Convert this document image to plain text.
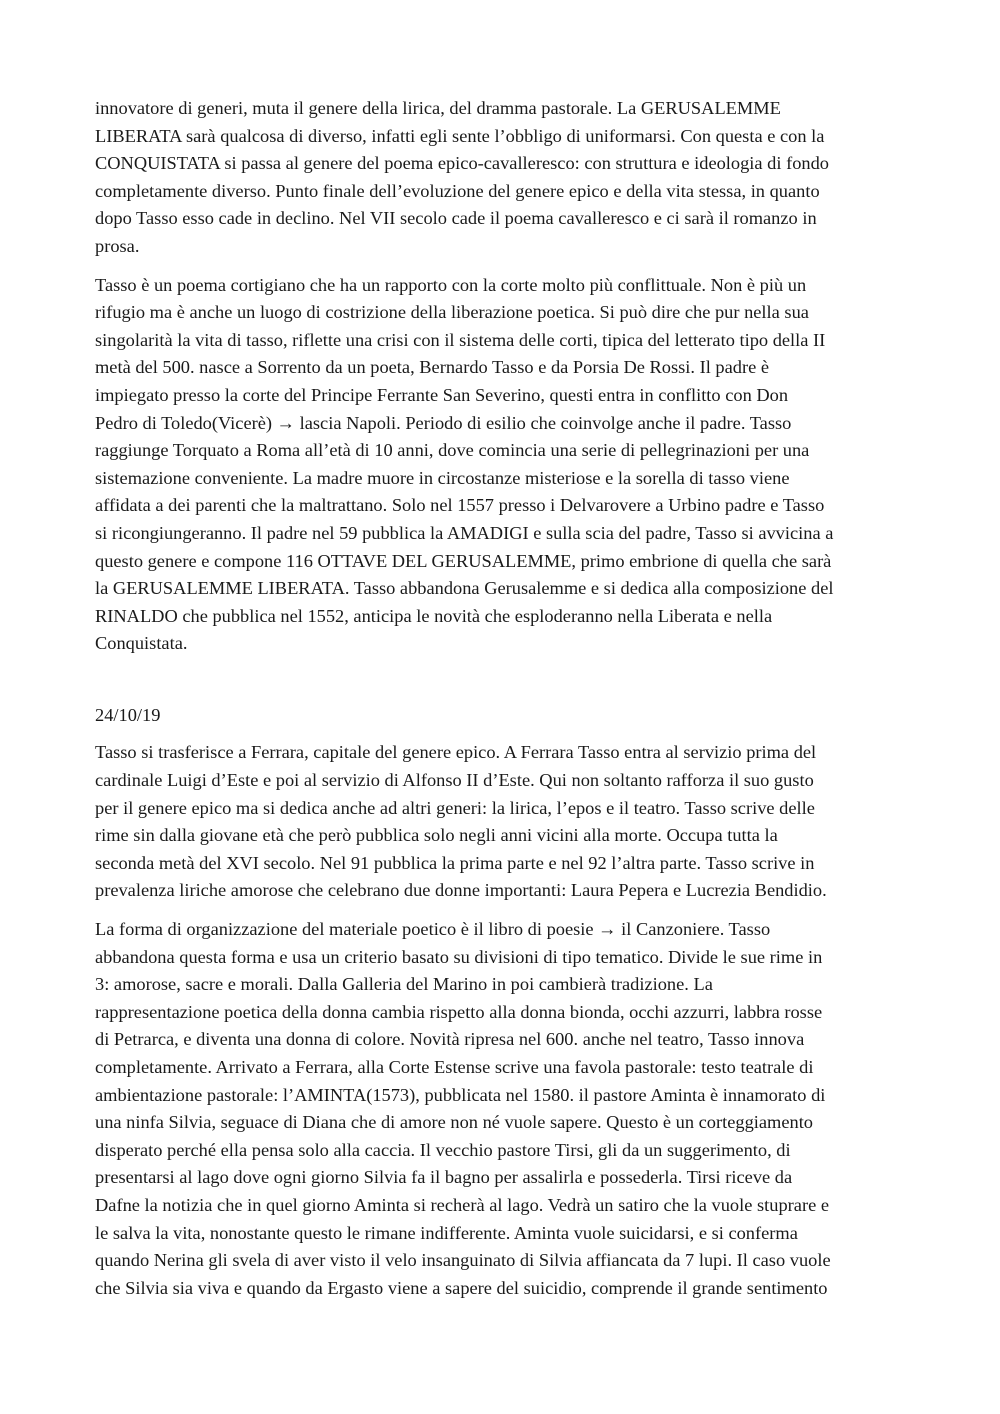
innovatore di generi, muta il genere della lirica, del dramma pastorale. La GERUSALEMME
LIBERATA sarà qualcosa di diverso, infatti egli sente l’obbligo di uniformarsi. Con questa e con la
CONQUISTATA si passa al genere del poema epico-cavalleresco: con struttura e ideologia di fondo
completamente diverso. Punto finale dell’evoluzione del genere epico e della vita stessa, in quanto
dopo Tasso esso cade in declino. Nel VII secolo cade il poema cavalleresco e ci sarà il romanzo in
prosa.

Tasso è un poema cortigiano che ha un rapporto con la corte molto più conflittuale. Non è più un
rifugio ma è anche un luogo di costrizione della liberazione poetica. Si può dire che pur nella sua
singolarità la vita di tasso, riflette una crisi con il sistema delle corti, tipica del letterato tipo della II
metà del 500. nasce a Sorrento da un poeta, Bernardo Tasso e da Porsia De Rossi. Il padre è
impiegato presso la corte del Principe Ferrante San Severino, questi entra in conflitto con Don
Pedro di Toledo(Vicerè) → lascia Napoli. Periodo di esilio che coinvolge anche il padre. Tasso
raggiunge Torquato a Roma all’età di 10 anni, dove comincia una serie di pellegrinazioni per una
sistemazione conveniente. La madre muore in circostanze misteriose e la sorella di tasso viene
affidata a dei parenti che la maltrattano. Solo nel 1557 presso i Delvarovere a Urbino padre e Tasso
si ricongiungeranno. Il padre nel 59 pubblica la AMADIGI e sulla scia del padre, Tasso si avvicina a
questo genere e compone 116 OTTAVE DEL GERUSALEMME, primo embrione di quella che sarà
la GERUSALEMME LIBERATA. Tasso abbandona Gerusalemme e si dedica alla composizione del
RINALDO che pubblica nel 1552, anticipa le novità che esploderanno nella Liberata e nella
Conquistata.

24/10/19

Tasso si trasferisce a Ferrara, capitale del genere epico. A Ferrara Tasso entra al servizio prima del
cardinale Luigi d’Este e poi al servizio di Alfonso II d’Este. Qui non soltanto rafforza il suo gusto
per il genere epico ma si dedica anche ad altri generi: la lirica, l’epos e il teatro. Tasso scrive delle
rime sin dalla giovane età che però pubblica solo negli anni vicini alla morte. Occupa tutta la
seconda metà del XVI secolo. Nel 91 pubblica la prima parte e nel 92 l’altra parte. Tasso scrive in
prevalenza liriche amorose che celebrano due donne importanti: Laura Pepera e Lucrezia Bendidio.

La forma di organizzazione del materiale poetico è il libro di poesie → il Canzoniere. Tasso
abbandona questa forma e usa un criterio basato su divisioni di tipo tematico. Divide le sue rime in
3: amorose, sacre e morali. Dalla Galleria del Marino in poi cambierà tradizione. La
rappresentazione poetica della donna cambia rispetto alla donna bionda, occhi azzurri, labbra rosse
di Petrarca, e diventa una donna di colore. Novità ripresa nel 600. anche nel teatro, Tasso innova
completamente. Arrivato a Ferrara, alla Corte Estense scrive una favola pastorale: testo teatrale di
ambientazione pastorale: l’AMINTA(1573), pubblicata nel 1580. il pastore Aminta è innamorato di
una ninfa Silvia, seguace di Diana che di amore non né vuole sapere. Questo è un corteggiamento
disperato perché ella pensa solo alla caccia. Il vecchio pastore Tirsi, gli da un suggerimento, di
presentarsi al lago dove ogni giorno Silvia fa il bagno per assalirla e possederla. Tirsi riceve da
Dafne la notizia che in quel giorno Aminta si recherà al lago. Vedrà un satiro che la vuole stuprare e
le salva la vita, nonostante questo le rimane indifferente. Aminta vuole suicidarsi, e si conferma
quando Nerina gli svela di aver visto il velo insanguinato di Silvia affiancata da 7 lupi. Il caso vuole
che Silvia sia viva e quando da Ergasto viene a sapere del suicidio, comprende il grande sentimento
